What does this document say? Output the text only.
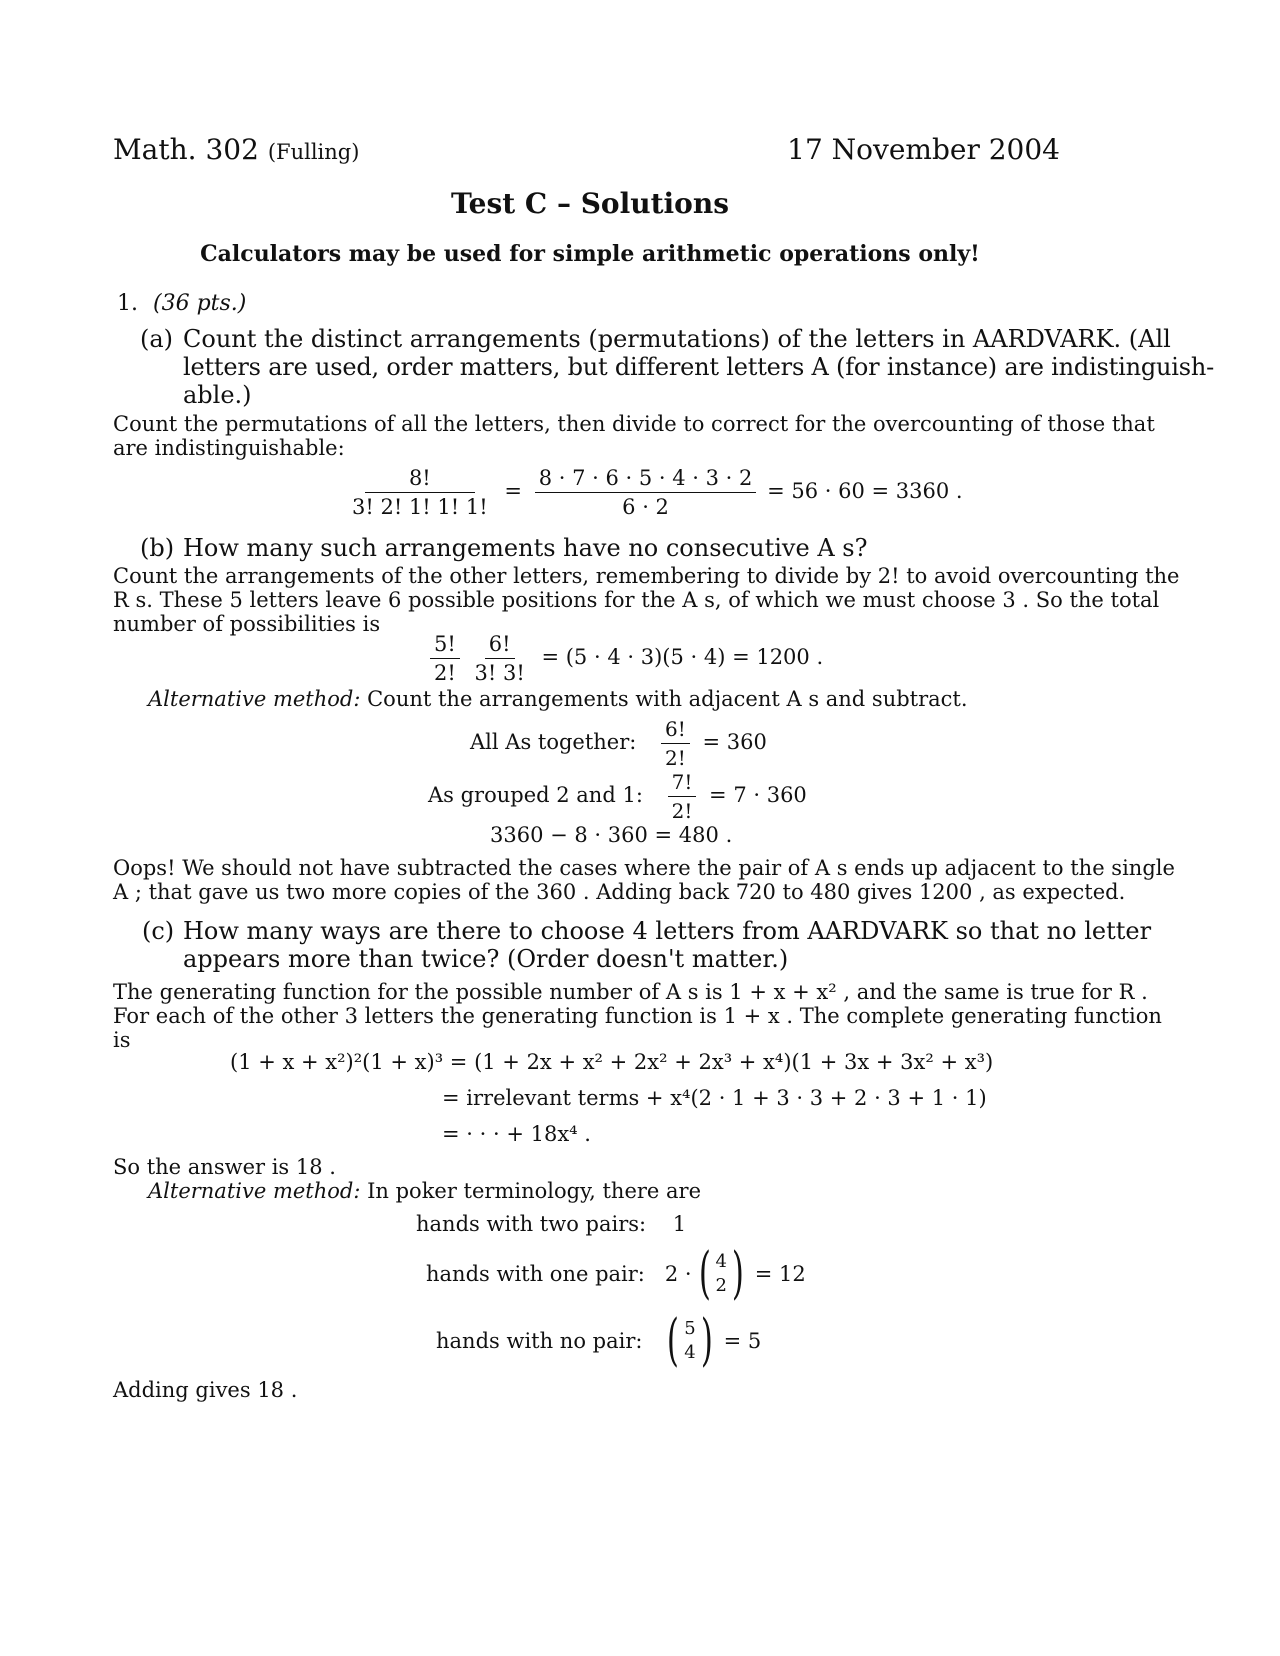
Math. 302 (Fulling)	17 November 2004
Test C – Solutions
Calculators may be used for simple arithmetic operations only!
1. (36 pts.)
(a) Count the distinct arrangements (permutations) of the letters in AARDVARK. (All
letters are used, order matters, but different letters A (for instance) are indistinguish-
able.)
Count the permutations of all the letters, then divide to correct for the overcounting of those that
are indistinguishable:
$\frac{8!}{3! 2! 1! 1! 1!} = \frac{8 \cdot 7 \cdot 6 \cdot 5 \cdot 4 \cdot 3 \cdot 2}{6 \cdot 2} = 56 \cdot 60 = 3360$ .
(b) How many such arrangements have no consecutive A s?
Count the arrangements of the other letters, remembering to divide by 2! to avoid overcounting the
R s. These 5 letters leave 6 possible positions for the A s, of which we must choose 3 . So the total
number of possibilities is
$\frac{5!}{2!}$
$\frac{6!}{3! 3!} = (5 \cdot 4 \cdot 3)(5 \cdot 4) = 1200$ .
Alternative method: Count the arrangements with adjacent A s and subtract.
All As together: $\frac{6!}{2!} = 360$
As grouped 2 and 1: $\frac{7!}{2!} = 7 \cdot 360$
3360 − 8 · 360 = 480 .
Oops! We should not have subtracted the cases where the pair of A s ends up adjacent to the single
A ; that gave us two more copies of the 360 . Adding back 720 to 480 gives 1200 , as expected.
(c) How many ways are there to choose 4 letters from AARDVARK so that no letter
appears more than twice? (Order doesn't matter.)
The generating function for the possible number of A s is 1 + x + x² , and the same is true for R .
For each of the other 3 letters the generating function is 1 + x . The complete generating function
is
(1 + x + x²)²(1 + x)³ = (1 + 2x + x² + 2x² + 2x³ + x⁴)(1 + 3x + 3x² + x³)
= irrelevant terms + x⁴(2 · 1 + 3 · 3 + 2 · 3 + 1 · 1)
= · · · + 18x⁴ .
So the answer is 18 .
Alternative method: In poker terminology, there are
hands with two pairs: 1
hands with one pair: 2 · ( 4
2 ) = 12
hands with no pair: ( 5
4 ) = 5
Adding gives 18 .
